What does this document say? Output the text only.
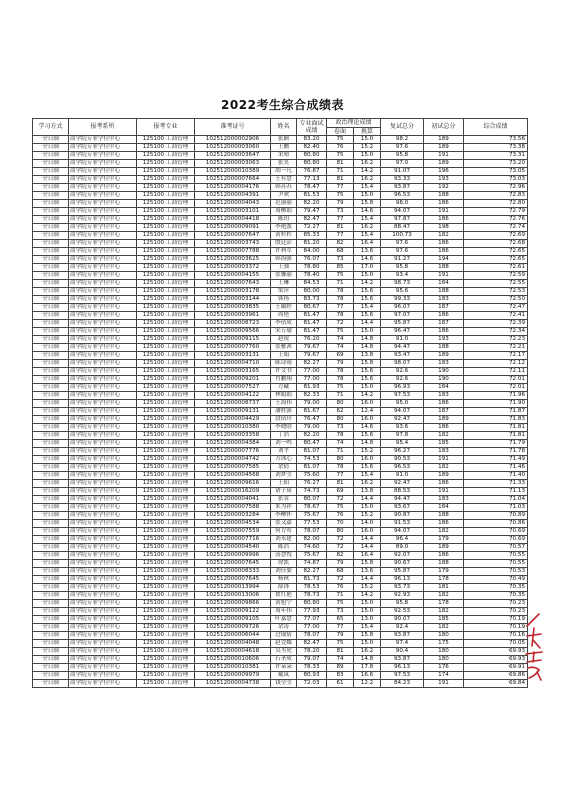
2022考生综合成绩表
学习方式	报考系所	报考专业	准考证号	姓名	专业面试成绩	政治理论成绩		复试总分	初试总分	综合成绩
						卷面	换算			
全日制	商学院专业学位中心	125100 工商管理	102512000002906	张颢	83.20	75	15.0	98.2	189	73.56
全日制	商学院专业学位中心	125100 工商管理	102512000003060	王鹏	82.40	76	15.2	97.6	189	73.38
全日制	商学院专业学位中心	125100 工商管理	102512000003647	宋晴	80.80	75	15.0	95.8	191	73.31
全日制	商学院专业学位中心	125100 工商管理	102512000003063	张笑	80.80	81	16.2	97.0	189	73.20
全日制	商学院专业学位中心	125100 工商管理	102512000010389	胡一凡	76.87	71	14.2	91.07	196	73.05
全日制	商学院专业学位中心	125100 工商管理	102512000007664	王有慧	77.13	81	16.2	93.33	193	73.03
全日制	商学院专业学位中心	125100 工商管理	102512000004176	韩苏苏	78.47	77	15.4	93.87	192	72.96
全日制	商学院专业学位中心	125100 工商管理	102512000004391	尹欢	81.53	75	15.0	96.53	188	72.83
全日制	商学院专业学位中心	125100 工商管理	102512000004043	范丽丽	82.20	79	15.8	98.0	186	72.80
全日制	商学院专业学位中心	125100 工商管理	102512000003101	周柳娟	79.47	73	14.6	94.07	191	72.79
全日制	商学院专业学位中心	125100 工商管理	102512000004418	陈玥	82.47	77	15.4	97.87	186	72.76
全日制	商学院专业学位中心	125100 工商管理	102512000009091	李艳波	72.27	81	16.2	88.47	198	72.74
全日制	商学院专业学位中心	125100 工商管理	102512000007647	黄杉杉	85.33	77	15.4	100.73	182	72.69
全日制	商学院专业学位中心	125100 工商管理	102512000003743	殷廷彭	81.20	82	16.4	97.6	186	72.68
全日制	商学院专业学位中心	125100 工商管理	102512000007788	许利军	84.00	68	13.6	97.6	186	72.65
全日制	商学院专业学位中心	125100 工商管理	102512000003625	韩海强	76.07	73	14.6	91.27	194	72.65
全日制	商学院专业学位中心	125100 工商管理	102512000003372	王强	78.80	85	17.0	95.8	188	72.61
全日制	商学院专业学位中心	125100 工商管理	102512000004155	张馨丽	78.40	75	15.0	93.4	191	72.59
全日制	商学院专业学位中心	125100 工商管理	102512000007643	王琳	84.53	71	14.2	98.73	184	72.55
全日制	商学院专业学位中心	125100 工商管理	102512000003178	梁萍	80.00	78	15.6	95.6	188	72.53
全日制	商学院专业学位中心	125100 工商管理	102512000003144	韩扬	83.73	78	15.6	99.33	183	72.50
全日制	商学院专业学位中心	125100 工商管理	102512000003835	王璐婷	80.67	77	15.4	96.07	187	72.47
全日制	商学院专业学位中心	125100 工商管理	102512000003961	周艳	81.47	78	15.6	97.07	186	72.41
全日制	商学院专业学位中心	125100 工商管理	102512000008723	李倩成	81.47	72	14.4	95.87	187	72.39
全日制	商学院专业学位中心	125100 工商管理	102512000009566	宋万瑜	81.47	75	15.0	96.47	186	72.34
全日制	商学院专业学位中心	125100 工商管理	102512000009115	赵锐	76.20	74	14.8	91.0	193	72.23
全日制	商学院专业学位中心	125100 工商管理	102512000007760	张雅茜	79.67	74	14.8	94.47	188	72.21
全日制	商学院专业学位中心	125100 工商管理	102512000003131	王娟	79.67	69	13.8	93.47	189	72.17
全日制	商学院专业学位中心	125100 工商管理	102512000004710	陈诗雨	82.27	79	15.8	98.07	183	72.12
全日制	商学院专业学位中心	125100 工商管理	102512000003165	许文书	77.00	78	15.6	92.6	190	72.11
全日制	商学院专业学位中心	125100 工商管理	102512000009201	肖鹏翔	77.00	78	15.6	92.6	190	72.01
全日制	商学院专业学位中心	125100 工商管理	102512000007527	方藏	81.93	75	15.0	96.93	184	72.01
全日制	商学院专业学位中心	125100 工商管理	102512000004122	林娟娟	82.33	71	14.2	97.53	183	71.96
全日制	商学院专业学位中心	125100 工商管理	102512000008737	王海伟	79.00	80	16.0	95.0	186	71.90
全日制	商学院专业学位中心	125100 工商管理	102512000009131	潘胜强	81.67	62	12.4	94.07	187	71.87
全日制	商学院专业学位中心	125100 工商管理	102512000004429	段倩玲	76.47	80	16.0	92.47	189	71.83
全日制	商学院专业学位中心	125100 工商管理	102512000010380	李晓晗	79.00	73	14.6	93.6	186	71.81
全日制	商学院专业学位中心	125100 工商管理	102512000003358	丁浩	82.20	78	15.6	97.8	182	71.81
全日制	商学院专业学位中心	125100 工商管理	102512000004384	刘一鸣	80.47	74	14.8	95.4	185	71.79
全日制	商学院专业学位中心	125100 工商管理	102512000007776	刘平	81.07	71	15.2	96.27	183	71.78
全日制	商学院专业学位中心	125100 工商管理	102512000004742	方冰心	74.53	80	16.0	90.53	191	71.49
全日制	商学院专业学位中心	125100 工商管理	102512000007585	余倩	81.07	78	15.6	96.53	182	71.46
全日制	商学院专业学位中心	125100 工商管理	102512000004568	刘梦莹	75.60	77	15.4	91.0	189	71.40
全日制	商学院专业学位中心	125100 工商管理	102512000009616	王阳	76.27	81	16.2	92.47	186	71.33
全日制	商学院专业学位中心	125100 工商管理	102512000016209	诸子琦	74.73	69	13.8	88.53	191	71.13
全日制	商学院专业学位中心	125100 工商管理	102512000004041	张萱	80.07	72	14.4	94.47	183	71.04
全日制	商学院专业学位中心	125100 工商管理	102512000007588	朱为祥	78.67	75	15.0	93.67	184	71.03
全日制	商学院专业学位中心	125100 工商管理	102512000003284	李柳怀	75.67	76	15.2	90.87	188	70.89
全日制	商学院专业学位中心	125100 工商管理	102512000004534	张又嘉	77.53	70	14.0	91.53	186	70.86
全日制	商学院专业学位中心	125100 工商管理	102512000007559	何方莺	78.07	80	16.0	94.07	182	70.69
全日制	商学院专业学位中心	125100 工商管理	102512000007716	刘永建	82.00	72	14.4	96.4	179	70.69
全日制	商学院专业学位中心	125100 工商管理	102512000004540	陈浩	74.60	72	14.4	89.0	189	70.57
全日制	商学院专业学位中心	125100 工商管理	102512000009996	汤慧悦	75.67	82	16.4	92.07	186	70.55
全日制	商学院专业学位中心	125100 工商管理	102512000007645	徐凯	74.87	79	15.8	90.67	188	70.55
全日制	商学院专业学位中心	125100 工商管理	102512000008333	刘佳姿	82.27	68	13.6	95.87	179	70.53
全日制	商学院专业学位中心	125100 工商管理	102512000007645	杨秋	81.73	72	14.4	96.13	178	70.49
全日制	商学院专业学位中心	125100 工商管理	102512000013994	薛锋	78.53	76	15.2	93.73	181	70.35
全日制	商学院专业学位中心	125100 工商管理	102512000013006	翟红艳	78.73	71	14.2	92.93	182	70.35
全日制	商学院专业学位中心	125100 工商管理	102512000009866	黄旭宁	80.80	75	15.0	95.8	178	70.23
全日制	商学院专业学位中心	125100 工商管理	102512000009122	周年伟	77.93	73	15.0	92.53	182	70.23
全日制	商学院专业学位中心	125100 工商管理	102512000009105	叶嘉慧	77.07	65	13.0	90.07	185	70.19
全日制	商学院专业学位中心	125100 工商管理	102512000009726	余涛	77.00	77	15.4	92.4	182	70.19
全日制	商学院专业学位中心	125100 工商管理	102512000006044	过瑜倩	78.07	79	15.8	93.87	180	70.16
全日制	商学院专业学位中心	125100 工商管理	102512000004048	赵壹娜	82.47	75	15.0	97.4	175	70.05
全日制	商学院专业学位中心	125100 工商管理	102512000004618	吴丞虎	78.20	81	16.2	90.4	180	69.93
全日制	商学院专业学位中心	125100 工商管理	102512000010606	石圣成	79.07	74	14.8	93.87	180	69.93
全日制	商学院专业学位中心	125100 工商管理	102512000010381	许朵朵	78.33	89	17.8	96.13	176	69.91
全日制	商学院专业学位中心	125100 工商管理	102512000009979	戴岚	80.93	83	16.6	97.53	174	69.86
全日制	商学院专业学位中心	125100 工商管理	102512000004738	钱莹莹	72.03	61	12.2	84.23	191	69.84
